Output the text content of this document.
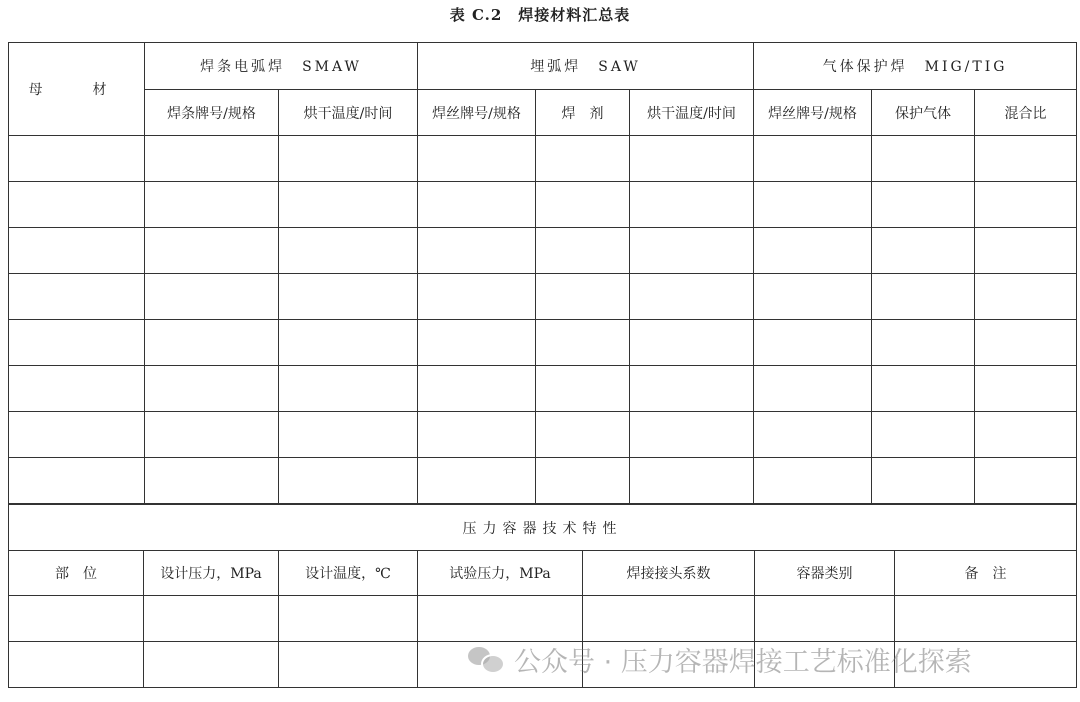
表 C.2　焊接材料汇总表
母　材	焊条电弧焊　SMAW		埋弧焊　SAW			气体保护焊　MIG/TIG		
	焊条牌号/规格	烘干温度/时间	焊丝牌号/规格	焊　剂	烘干温度/时间	焊丝牌号/规格	保护气体	混合比

压力容器技术特性						
部　位	设计压力，MPa	设计温度，℃	试验压力，MPa	焊接接头系数	容器类别	备　注

公众号 · 压力容器焊接工艺标准化探索
